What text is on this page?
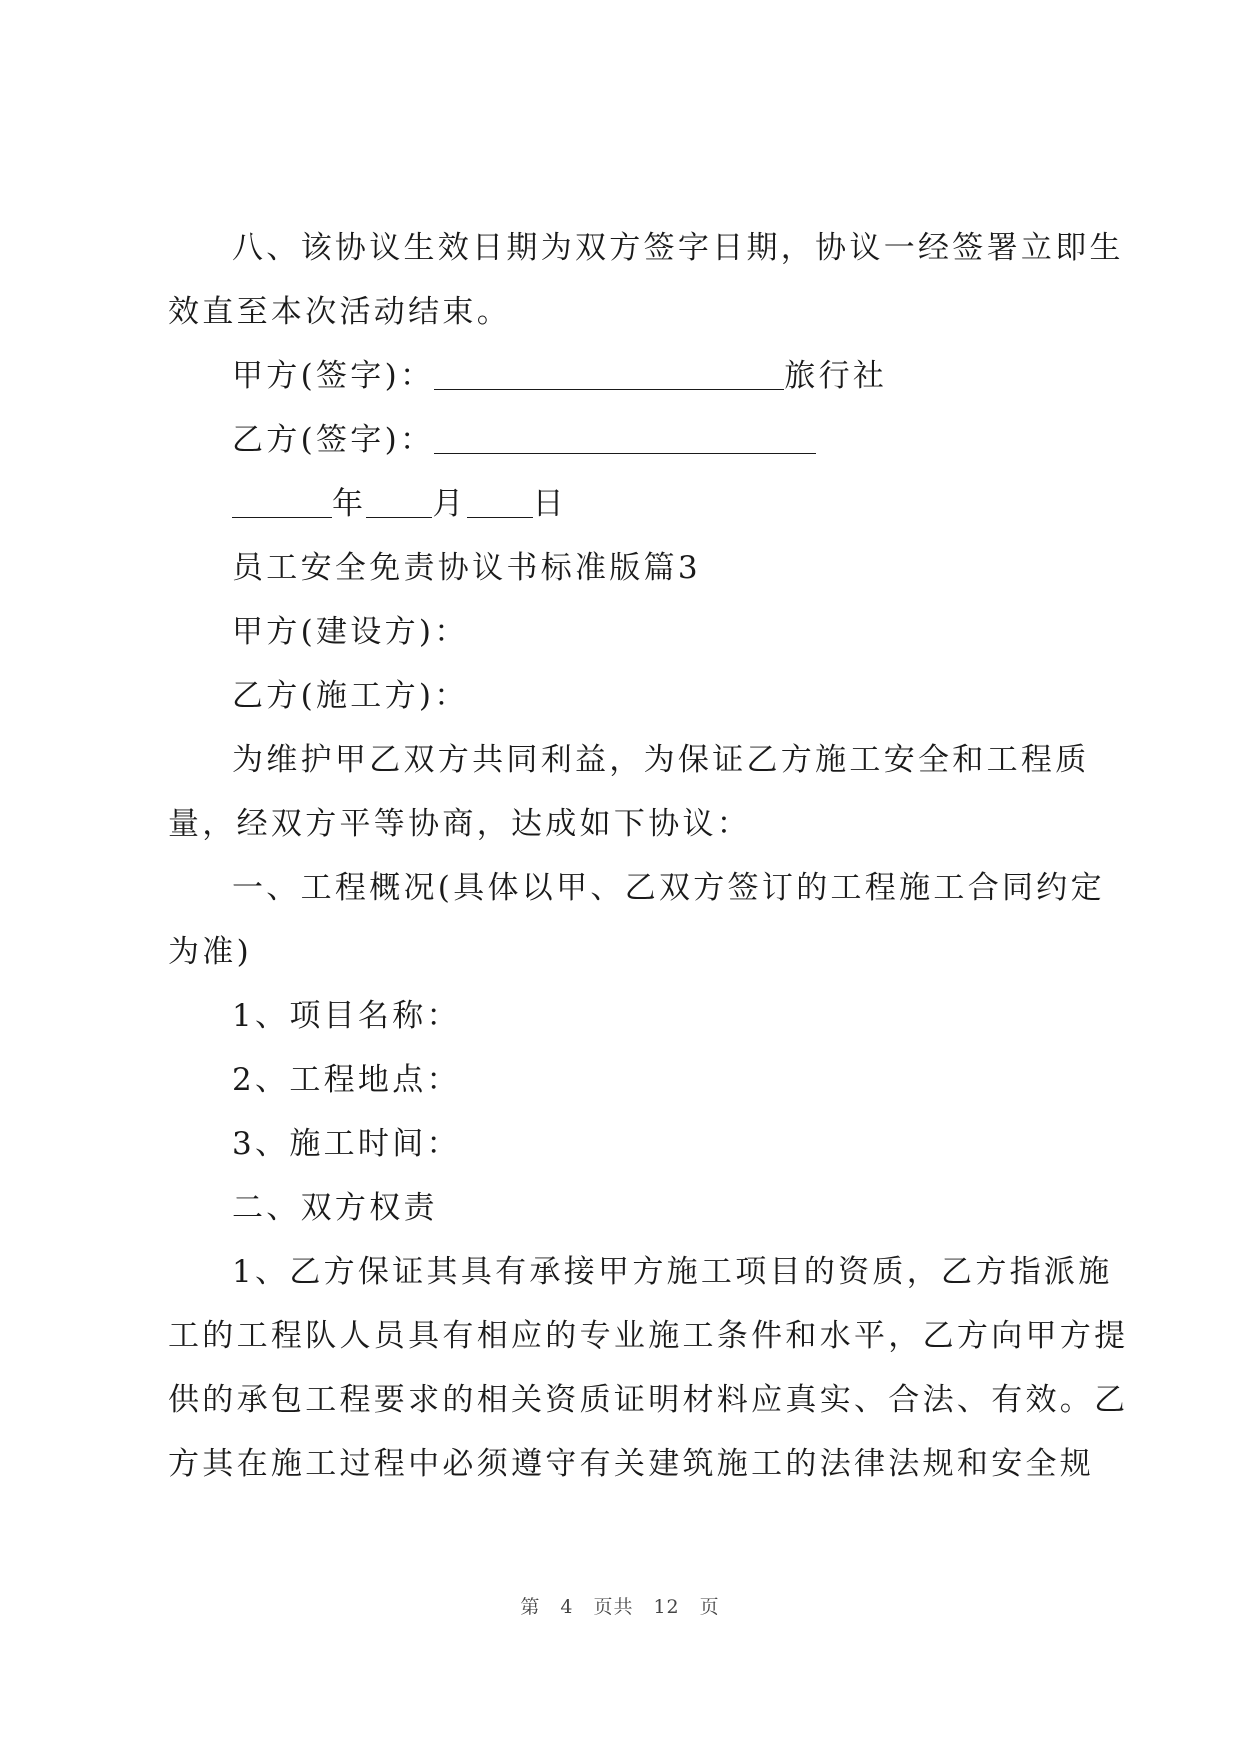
八、该协议生效日期为双方签字日期，协议一经签署立即生
效直至本次活动结束。
甲方(签字)：	旅行社
乙方(签字)：
年 月 日
员工安全免责协议书标准版篇3
甲方(建设方)：
乙方(施工方)：
为维护甲乙双方共同利益，为保证乙方施工安全和工程质
量，经双方平等协商，达成如下协议：
一、工程概况(具体以甲、乙双方签订的工程施工合同约定
为准)
1、项目名称：
2、工程地点：
3、施工时间：
二、双方权责
1、乙方保证其具有承接甲方施工项目的资质，乙方指派施
工的工程队人员具有相应的专业施工条件和水平，乙方向甲方提
供的承包工程要求的相关资质证明材料应真实、合法、有效。乙
方其在施工过程中必须遵守有关建筑施工的法律法规和安全规
第 4 页共 12 页
